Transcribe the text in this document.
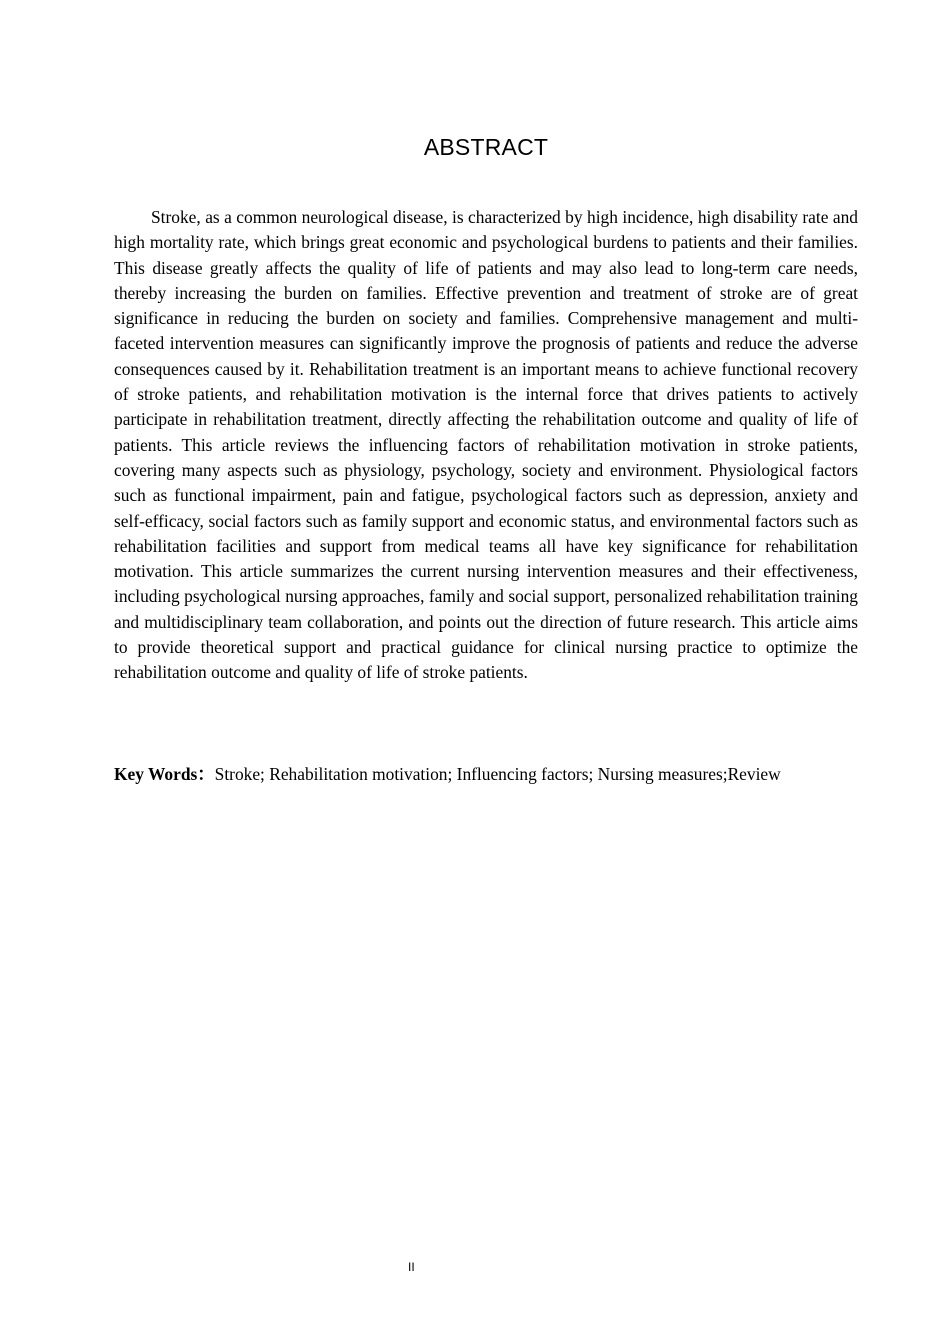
ABSTRACT

Stroke, as a common neurological disease, is characterized by high incidence, high disability rate and high mortality rate, which brings great economic and psychological burdens to patients and their families. This disease greatly affects the quality of life of patients and may also lead to long-term care needs, thereby increasing the burden on families. Effective prevention and treatment of stroke are of great significance in reducing the burden on society and families. Comprehensive management and multi-faceted intervention measures can significantly improve the prognosis of patients and reduce the adverse consequences caused by it. Rehabilitation treatment is an important means to achieve functional recovery of stroke patients, and rehabilitation motivation is the internal force that drives patients to actively participate in rehabilitation treatment, directly affecting the rehabilitation outcome and quality of life of patients. This article reviews the influencing factors of rehabilitation motivation in stroke patients, covering many aspects such as physiology, psychology, society and environment. Physiological factors such as functional impairment, pain and fatigue, psychological factors such as depression, anxiety and self-efficacy, social factors such as family support and economic status, and environmental factors such as rehabilitation facilities and support from medical teams all have key significance for rehabilitation motivation. This article summarizes the current nursing intervention measures and their effectiveness, including psychological nursing approaches, family and social support, personalized rehabilitation training and multidisciplinary team collaboration, and points out the direction of future research. This article aims to provide theoretical support and practical guidance for clinical nursing practice to optimize the rehabilitation outcome and quality of life of stroke patients.

Key Words：Stroke; Rehabilitation motivation; Influencing factors; Nursing measures;Review

II
